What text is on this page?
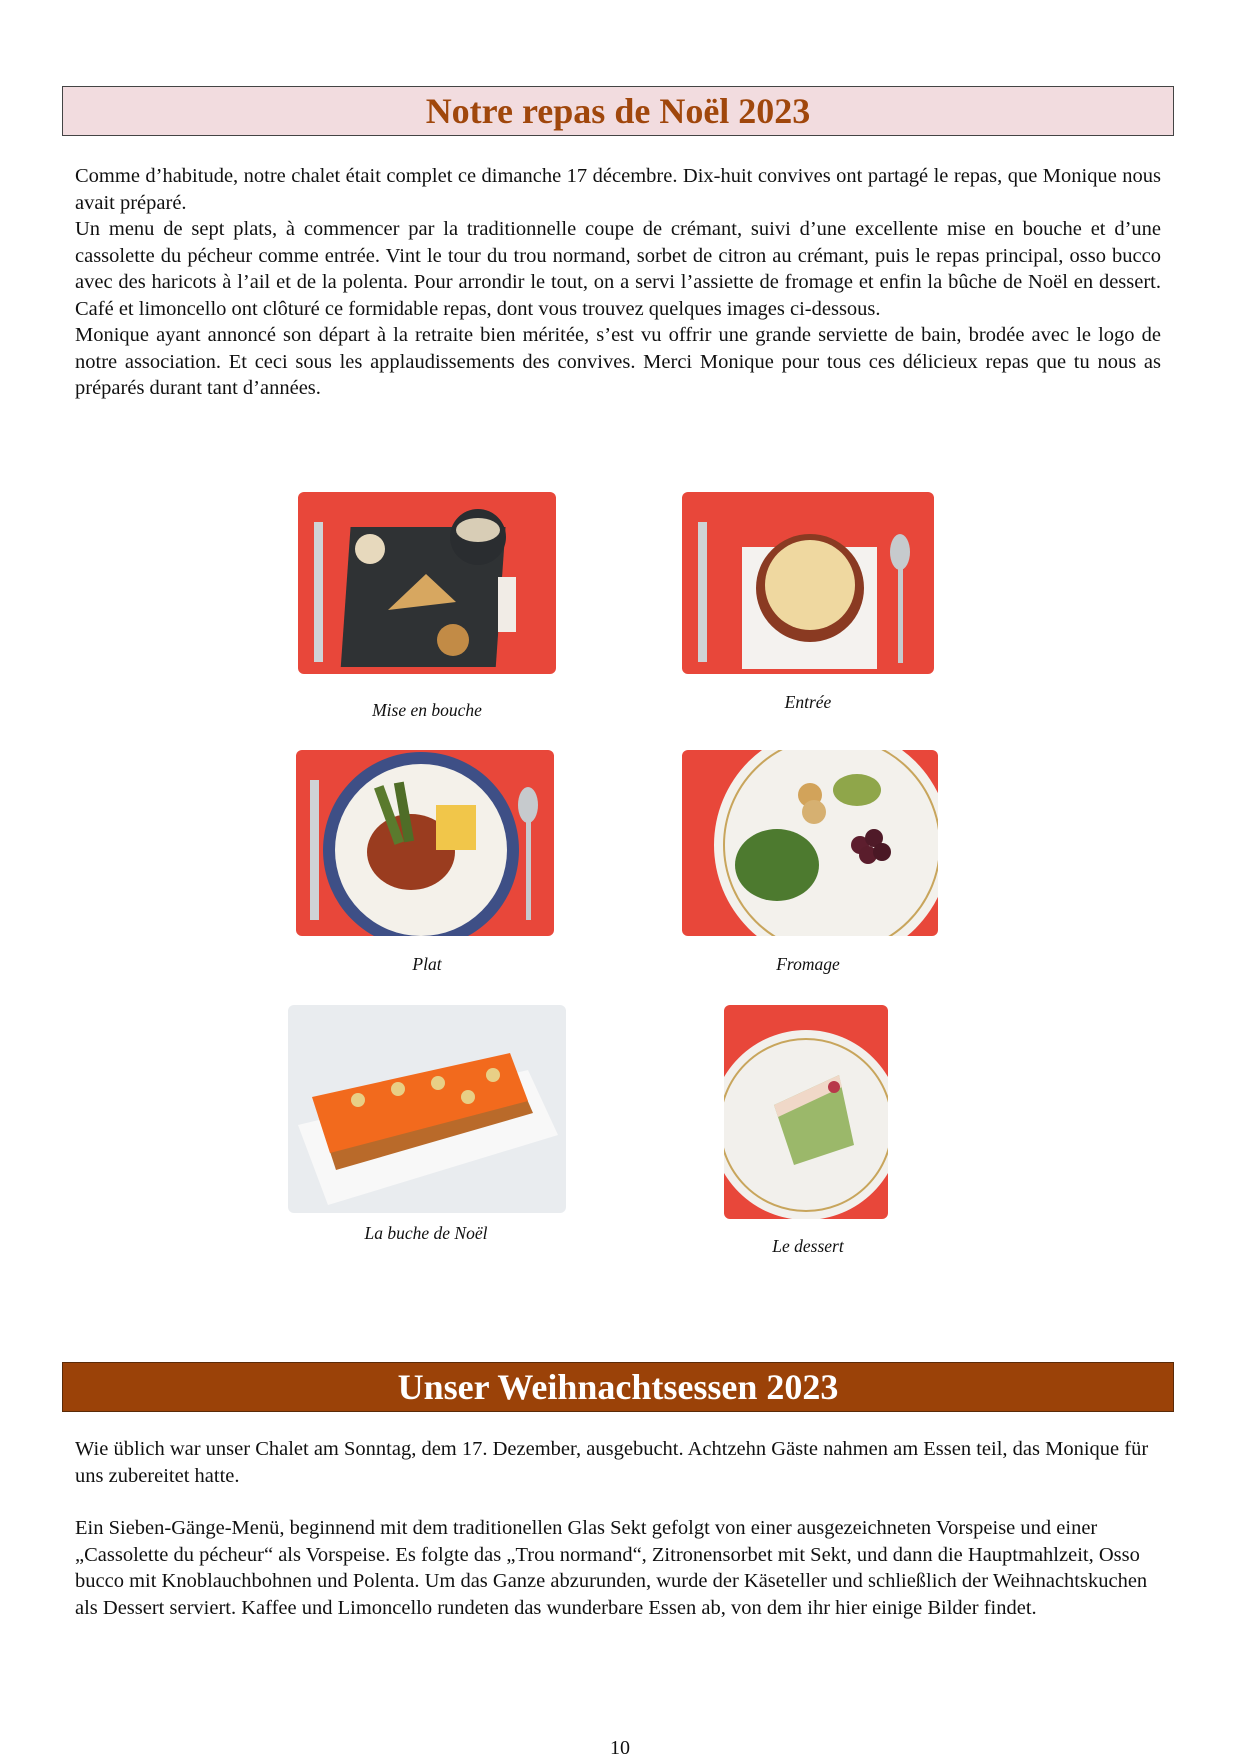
Notre repas de Noël 2023

Comme d’habitude, notre chalet était complet ce dimanche 17 décembre. Dix-huit convives ont partagé le repas, que Monique nous avait préparé.

Un menu de sept plats, à commencer par la traditionnelle coupe de crémant, suivi d’une excellente mise en bouche et d’une cassolette du pécheur comme entrée. Vint le tour du trou normand, sorbet de citron au crémant, puis le repas principal, osso bucco avec des haricots à l’ail et de la polenta. Pour arrondir le tout, on a servi l’assiette de fromage et enfin la bûche de Noël en dessert. Café et limoncello ont clôturé ce formidable repas, dont vous trouvez quelques images ci-dessous.

Monique ayant annoncé son départ à la retraite bien méritée, s’est vu offrir une grande serviette de bain, brodée avec le logo de notre association. Et ceci sous les applaudissements des convives. Merci Monique pour tous ces délicieux repas que tu nous as préparés durant tant d’années.

Mise en bouche	Entrée
Plat	Fromage
La buche de Noël
Le dessert
Unser Weihnachtsessen 2023

Wie üblich war unser Chalet am Sonntag, dem 17. Dezember, ausgebucht. Achtzehn Gäste nahmen am Essen teil, das Monique für uns zubereitet hatte.

Ein Sieben-Gänge-Menü, beginnend mit dem traditionellen Glas Sekt gefolgt von einer ausgezeichneten Vorspeise und einer „Cassolette du pécheur“ als Vorspeise. Es folgte das „Trou normand“, Zitronensorbet mit Sekt, und dann die Hauptmahlzeit, Osso bucco mit Knoblauchbohnen und Polenta. Um das Ganze abzurunden, wurde der Käseteller und schließlich der Weihnachtskuchen als Dessert serviert. Kaffee und Limoncello rundeten das wunderbare Essen ab, von dem ihr hier einige Bilder findet.

10
